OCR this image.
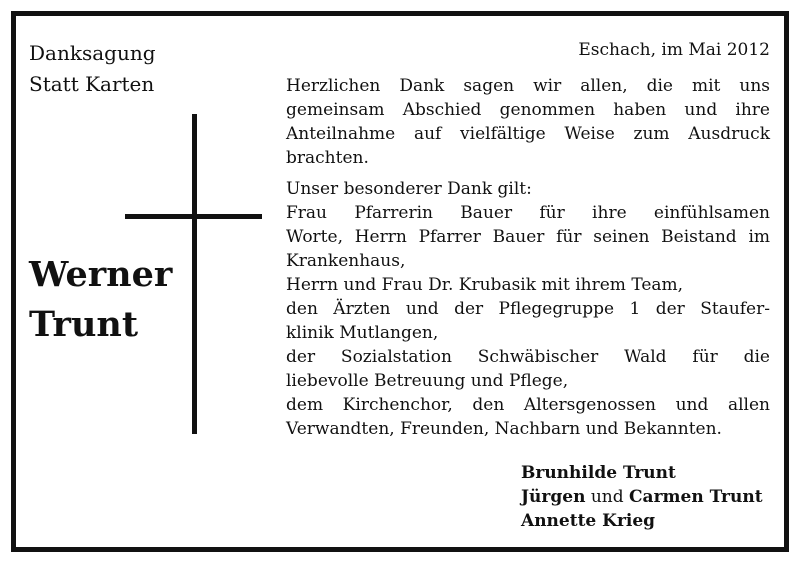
Danksagung
Statt Karten
Werner
Trunt
Eschach, im Mai 2012
Herzlichen Dank sagen wir allen, die mit uns
gemeinsam Abschied genommen haben und ihre
Anteilnahme auf vielfältige Weise zum Ausdruck
brachten.
Unser besonderer Dank gilt:
Frau Pfarrerin Bauer für ihre einfühlsamen
Worte, Herrn Pfarrer Bauer für seinen Beistand im
Krankenhaus,
Herrn und Frau Dr. Krubasik mit ihrem Team,
den Ärzten und der Pflegegruppe 1 der Staufer-
klinik Mutlangen,
der Sozialstation Schwäbischer Wald für die
liebevolle Betreuung und Pflege,
dem Kirchenchor, den Altersgenossen und allen
Verwandten, Freunden, Nachbarn und Bekannten.
Brunhilde Trunt
Jürgen und Carmen Trunt
Annette Krieg
